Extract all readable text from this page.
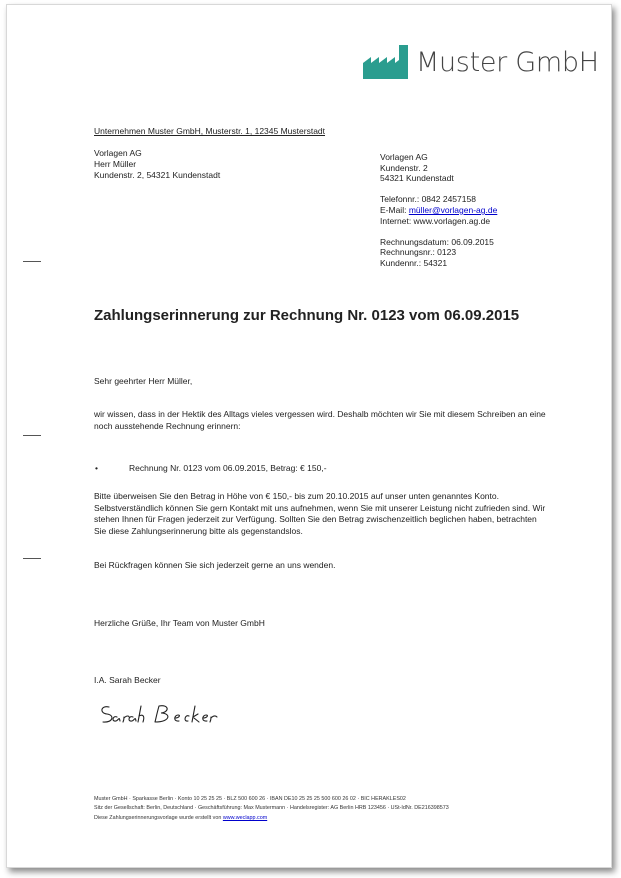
Muster GmbH
Unternehmen Muster GmbH, Musterstr. 1, 12345 Musterstadt
Vorlagen AG
Herr Müller
Kundenstr. 2, 54321 Kundenstadt
Vorlagen AG
Kundenstr. 2
54321 Kundenstadt
Telefonnr.: 0842 2457158
E-Mail: müller@vorlagen-ag.de
Internet: www.vorlagen.ag.de
Rechnungsdatum: 06.09.2015
Rechnungsnr.: 0123
Kundennr.: 54321
Zahlungserinnerung zur Rechnung Nr. 0123 vom 06.09.2015
Sehr geehrter Herr Müller,
wir wissen, dass in der Hektik des Alltags vieles vergessen wird. Deshalb möchten wir Sie mit diesem Schreiben an eine noch ausstehende Rechnung erinnern:
•	Rechnung Nr. 0123 vom 06.09.2015, Betrag: € 150,-
Bitte überweisen Sie den Betrag in Höhe von € 150,- bis zum 20.10.2015 auf unser unten genanntes Konto. Selbstverständlich können Sie gern Kontakt mit uns aufnehmen, wenn Sie mit unserer Leistung nicht zufrieden sind. Wir stehen Ihnen für Fragen jederzeit zur Verfügung. Sollten Sie den Betrag zwischenzeitlich beglichen haben, betrachten Sie diese Zahlungserinnerung bitte als gegenstandslos.
Bei Rückfragen können Sie sich jederzeit gerne an uns wenden.
Herzliche Grüße, Ihr Team von Muster GmbH
I.A. Sarah Becker
Muster GmbH · Sparkasse Berlin · Konto 10 25 25 25 · BLZ 500 600 26 · IBAN DE10 25 25 25 500 600 26 02 · BIC HERAKLES02
Sitz der Gesellschaft: Berlin, Deutschland · Geschäftsführung: Max Mustermann · Handelsregister: AG Berlin HRB 123456 · USt-IdNr. DE216398573
Diese Zahlungserinnerungsvorlage wurde erstellt von www.weclapp.com
